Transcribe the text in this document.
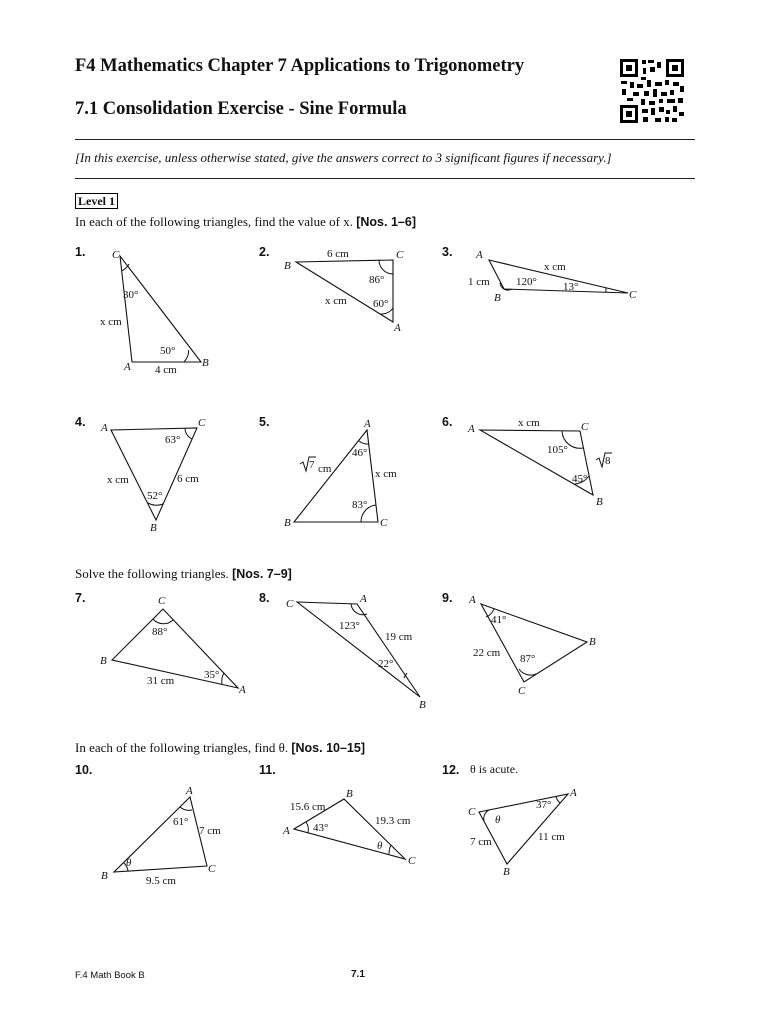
F4 Mathematics Chapter 7 Applications to Trigonometry
7.1 Consolidation Exercise - Sine Formula
[In this exercise, unless otherwise stated, give the answers correct to 3 significant figures if necessary.]
Level 1
In each of the following triangles, find the value of x. [Nos. 1–6]
Solve the following triangles. [Nos. 7–9]
In each of the following triangles, find θ. [Nos. 10–15]
1.	2.	3.
4.	5.	6.
7.	8.	9.
10.	11.	12. θ is acute.
C
A	B
30°
50°
x cm
4 cm
B
C
A
6 cm
x cm
86°
60°
A
B	C
1 cm
x cm
120° 13°
A	C
B
63°
52°
x cm	6 cm
A
B	C
46°
83°
7 cm	x cm
A	C
B
x cm
105°
45°
8
C
B
A
88°
35°
31 cm
C	A
B
123°
22°
19 cm
A
B
C
41°
87°
22 cm
A
B
C
61°
θ
7 cm
9.5 cm
A
B
C
43°
θ
15.6 cm
19.3 cm
C
A
B
θ
37°
7 cm	11 cm
F.4 Math Book B	7.1
